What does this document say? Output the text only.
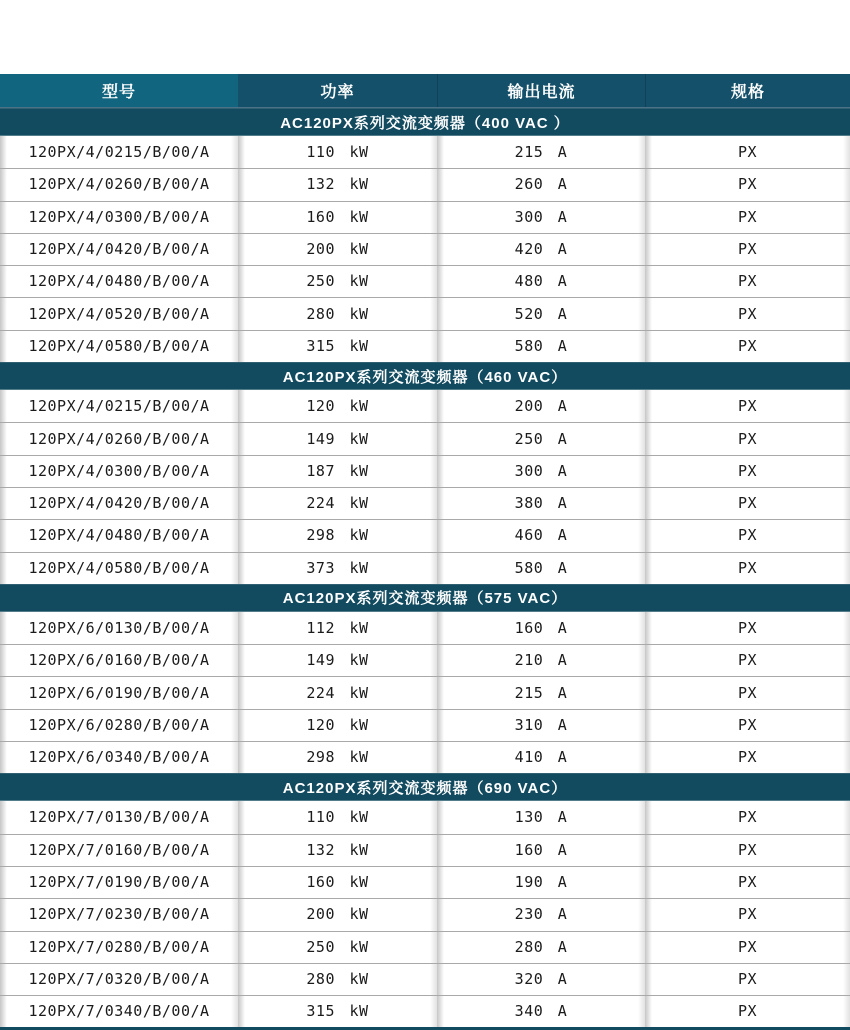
型号	功率	输出电流	规格
AC120PX系列交流变频器（400 VAC ）
120PX/4/0215/B/00/A	110 kW	215 A	PX
120PX/4/0260/B/00/A	132 kW	260 A	PX
120PX/4/0300/B/00/A	160 kW	300 A	PX
120PX/4/0420/B/00/A	200 kW	420 A	PX
120PX/4/0480/B/00/A	250 kW	480 A	PX
120PX/4/0520/B/00/A	280 kW	520 A	PX
120PX/4/0580/B/00/A	315 kW	580 A	PX
AC120PX系列交流变频器（460 VAC）
120PX/4/0215/B/00/A	120 kW	200 A	PX
120PX/4/0260/B/00/A	149 kW	250 A	PX
120PX/4/0300/B/00/A	187 kW	300 A	PX
120PX/4/0420/B/00/A	224 kW	380 A	PX
120PX/4/0480/B/00/A	298 kW	460 A	PX
120PX/4/0580/B/00/A	373 kW	580 A	PX
AC120PX系列交流变频器（575 VAC）
120PX/6/0130/B/00/A	112 kW	160 A	PX
120PX/6/0160/B/00/A	149 kW	210 A	PX
120PX/6/0190/B/00/A	224 kW	215 A	PX
120PX/6/0280/B/00/A	120 kW	310 A	PX
120PX/6/0340/B/00/A	298 kW	410 A	PX
AC120PX系列交流变频器（690 VAC）
120PX/7/0130/B/00/A	110 kW	130 A	PX
120PX/7/0160/B/00/A	132 kW	160 A	PX
120PX/7/0190/B/00/A	160 kW	190 A	PX
120PX/7/0230/B/00/A	200 kW	230 A	PX
120PX/7/0280/B/00/A	250 kW	280 A	PX
120PX/7/0320/B/00/A	280 kW	320 A	PX
120PX/7/0340/B/00/A	315 kW	340 A	PX
